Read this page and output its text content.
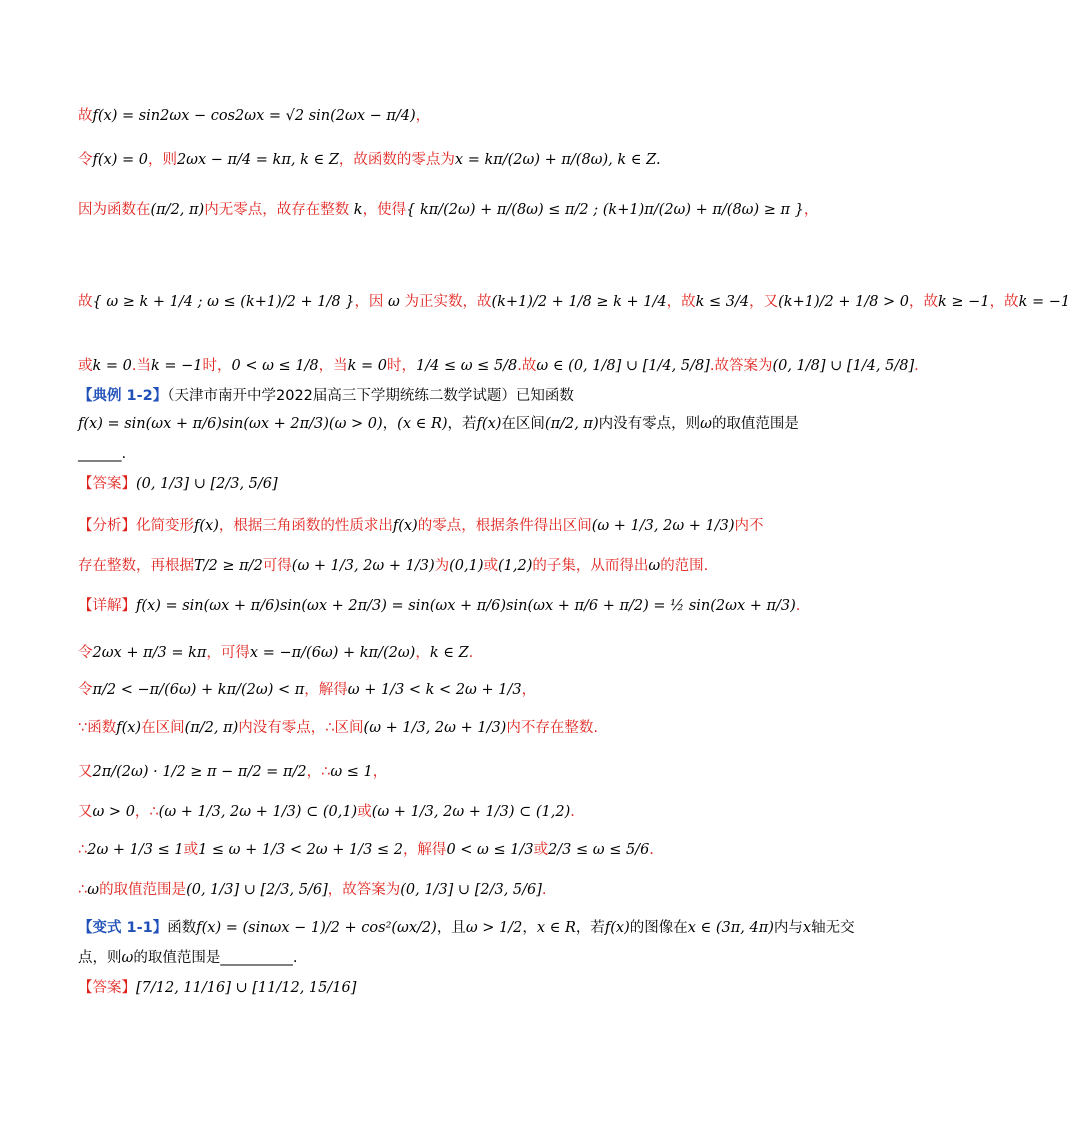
故f(x) = sin2ωx − cos2ωx = √2 sin(2ωx − π/4)，
令f(x) = 0，则2ωx − π/4 = kπ, k ∈ Z，故函数的零点为x = kπ/(2ω) + π/(8ω), k ∈ Z.
因为函数在(π/2, π)内无零点，故存在整数 k，使得{ kπ/(2ω) + π/(8ω) ≤ π/2 ; (k+1)π/(2ω) + π/(8ω) ≥ π }，
故{ ω ≥ k + 1/4 ; ω ≤ (k+1)/2 + 1/8 }，因 ω 为正实数，故(k+1)/2 + 1/8 ≥ k + 1/4，故k ≤ 3/4，又(k+1)/2 + 1/8 > 0，故k ≥ −1，故k = −1
或k = 0.当k = −1时，0 < ω ≤ 1/8，当k = 0时，1/4 ≤ ω ≤ 5/8.故ω ∈ (0, 1/8] ∪ [1/4, 5/8].故答案为(0, 1/8] ∪ [1/4, 5/8].
【典例 1-2】（天津市南开中学2022届高三下学期统练二数学试题）已知函数
f(x) = sin(ωx + π/6)sin(ωx + 2π/3)(ω > 0)，(x ∈ R)，若f(x)在区间(π/2, π)内没有零点，则ω的取值范围是
______.
【答案】(0, 1/3] ∪ [2/3, 5/6]
【分析】化简变形f(x)，根据三角函数的性质求出f(x)的零点，根据条件得出区间(ω + 1/3, 2ω + 1/3)内不
存在整数，再根据T/2 ≥ π/2可得(ω + 1/3, 2ω + 1/3)为(0,1)或(1,2)的子集，从而得出ω的范围.
【详解】f(x) = sin(ωx + π/6)sin(ωx + 2π/3) = sin(ωx + π/6)sin(ωx + π/6 + π/2) = ½ sin(2ωx + π/3).
令2ωx + π/3 = kπ，可得x = −π/(6ω) + kπ/(2ω)，k ∈ Z.
令π/2 < −π/(6ω) + kπ/(2ω) < π，解得ω + 1/3 < k < 2ω + 1/3，
∵函数f(x)在区间(π/2, π)内没有零点，∴区间(ω + 1/3, 2ω + 1/3)内不存在整数.
又2π/(2ω) · 1/2 ≥ π − π/2 = π/2，∴ω ≤ 1，
又ω > 0，∴(ω + 1/3, 2ω + 1/3) ⊂ (0,1)或(ω + 1/3, 2ω + 1/3) ⊂ (1,2).
∴2ω + 1/3 ≤ 1或1 ≤ ω + 1/3 < 2ω + 1/3 ≤ 2，解得0 < ω ≤ 1/3或2/3 ≤ ω ≤ 5/6.
∴ω的取值范围是(0, 1/3] ∪ [2/3, 5/6]，故答案为(0, 1/3] ∪ [2/3, 5/6].
【变式 1-1】函数f(x) = (sinωx − 1)/2 + cos²(ωx/2)，且ω > 1/2，x ∈ R，若f(x)的图像在x ∈ (3π, 4π)内与x轴无交
点，则ω的取值范围是__________.
【答案】[7/12, 11/16] ∪ [11/12, 15/16]
